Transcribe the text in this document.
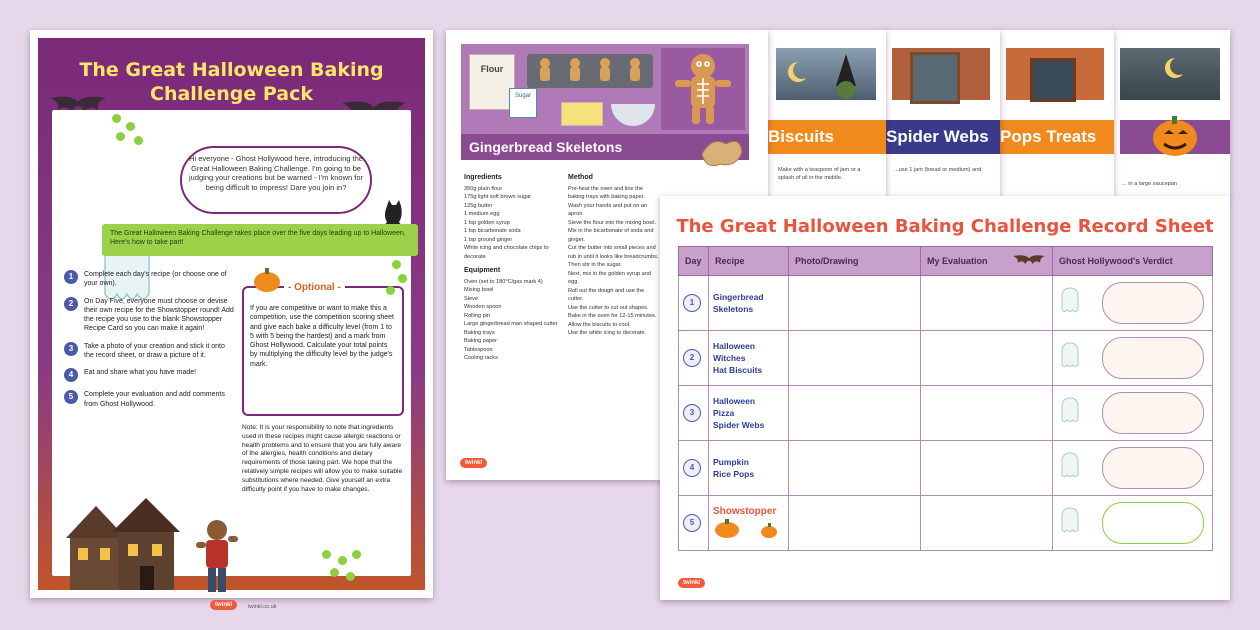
... in a large saucepan
Pops Treats
Spider Webs
...use 1 jam (bread or medium) and
Biscuits
Make with a teaspoon of jam or a splash of oil in the middle.
Flour
Sugar
Gingerbread Skeletons
Ingredients
350g plain flour
175g light soft brown sugar
125g butter
1 medium egg
1 tsp golden syrup
1 tsp bicarbonate soda
1 tsp ground ginger
White icing and chocolate chips to decorate
Equipment
Oven (set to 180°C/gas mark 4)
Mixing bowl
Sieve
Wooden spoon
Rolling pin
Large gingerbread man shaped cutter
Baking trays
Baking paper
Tablespoon
Cooling racks
Method
Pre-heat the oven and line the baking trays with baking paper.
Wash your hands and put on an apron.
Sieve the flour into the mixing bowl.
Mix in the bicarbonate of soda and ginger.
Cut the butter into small pieces and rub in until it looks like breadcrumbs.
Then stir in the sugar.
Next, mix in the golden syrup and egg.
Roll out the dough and use the cutter.
Use the cutter to cut out shapes.
Bake in the oven for 12-15 minutes.
Allow the biscuits to cool.
Use the white icing to decorate.
twinkl
The Great Halloween Baking
Challenge Pack
Hi everyone - Ghost Hollywood here, introducing the Great Halloween Baking Challenge. I'm going to be judging your creations but be warned - I'm known for being difficult to impress! Dare you join in?
The Great Halloween Baking Challenge takes place over the five days leading up to Halloween. Here's how to take part!
1	Complete each day's recipe (or choose one of your own).
2	On Day Five, everyone must choose or devise their own recipe for the Showstopper round! Add the recipe you use to the blank Showstopper Recipe Card so you can make it again!
3	Take a photo of your creation and stick it onto the record sheet, or draw a picture of it.
4	Eat and share what you have made!
5	Complete your evaluation and add comments from Ghost Hollywood.
- Optional -
If you are competitive or want to make this a competition, use the competition scoring sheet and give each bake a difficulty level (from 1 to 5 with 5 being the hardest) and a mark from Ghost Hollywood. Calculate your total points by multiplying the difficulty level by the judge's mark.
Note: It is your responsibility to note that ingredients used in these recipes might cause allergic reactions or health problems and to ensure that you are fully aware of the allergies, health conditions and dietary requirements of those taking part. We hope that the relatively simple recipes will allow you to make suitable substitutions where needed. Give yourself an extra difficulty point if you have to make changes.
twinkl	twinkl.co.uk
The Great Halloween Baking Challenge Record Sheet
Day	Recipe	Photo/Drawing	My Evaluation	Ghost Hollywood's Verdict

1	Gingerbread
Skeletons

2	Halloween
Witches
Hat Biscuits

3	Halloween
Pizza
Spider Webs

4	Pumpkin
Rice Pops

5	Showstopper

twinkl
